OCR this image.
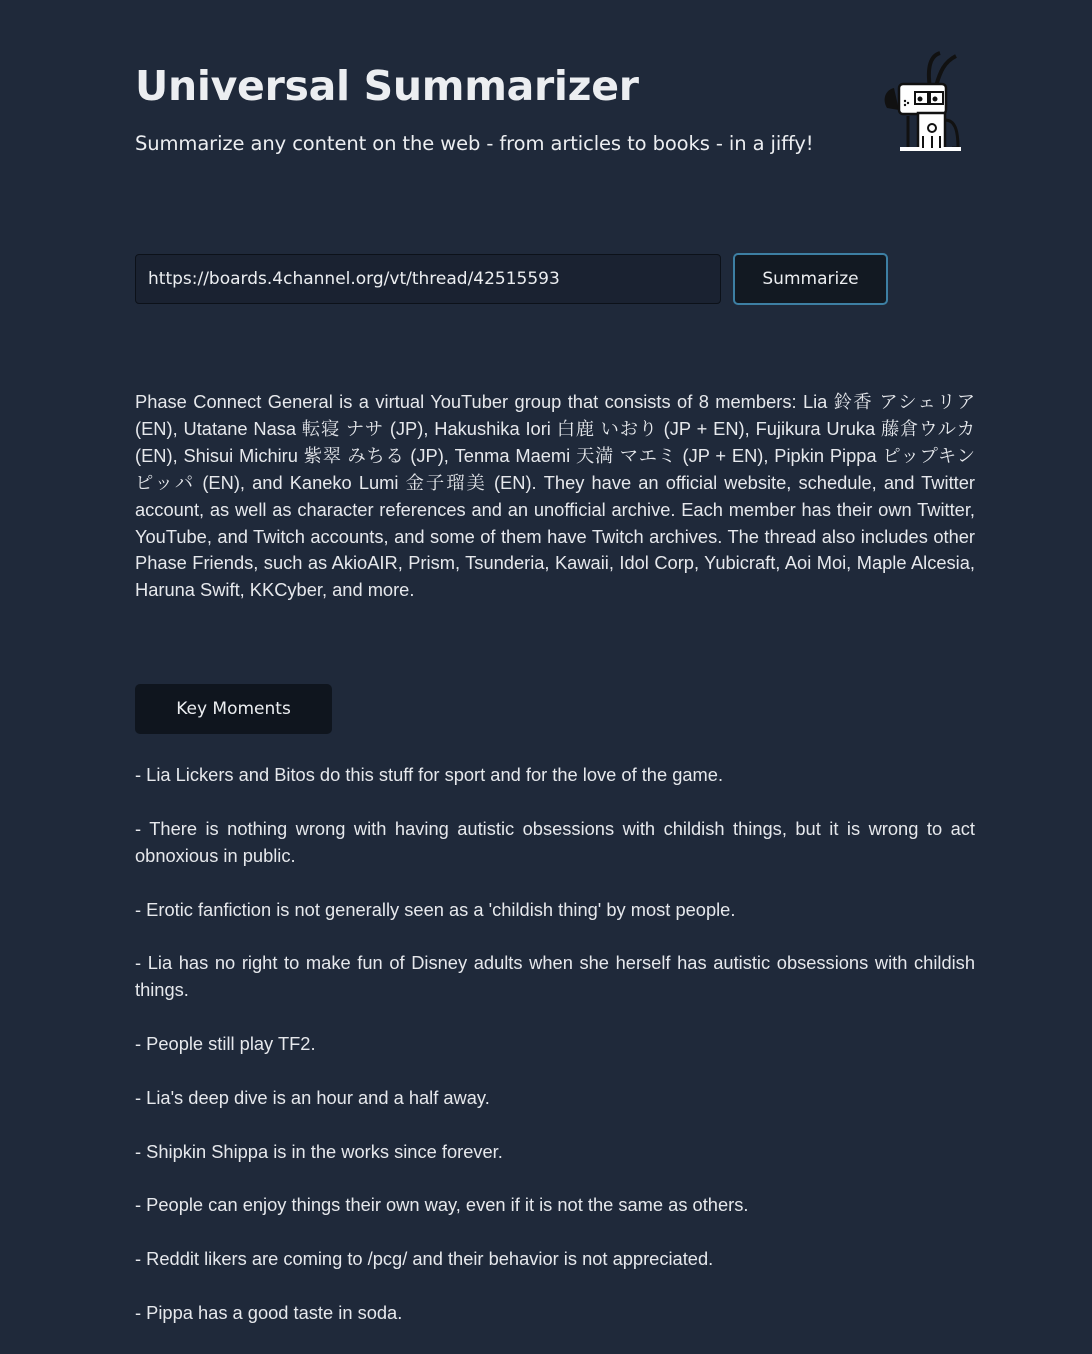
Universal Summarizer

Summarize any content on the web - from articles to books - in a jiffy!

https://boards.4channel.org/vt/thread/42515593
Summarize

Phase Connect General is a virtual YouTuber group that consists of 8 members: Lia 鈴香 アシェリア (EN), Utatane Nasa 転寝 ナサ (JP), Hakushika Iori 白鹿 いおり (JP + EN), Fujikura Uruka 藤倉ウルカ (EN), Shisui Michiru 紫翠 みちる (JP), Tenma Maemi 天満 マエミ (JP + EN), Pipkin Pippa ピップキン ピッパ (EN), and Kaneko Lumi 金子瑠美 (EN). They have an official website, schedule, and Twitter account, as well as character references and an unofficial archive. Each member has their own Twitter, YouTube, and Twitch accounts, and some of them have Twitch archives. The thread also includes other Phase Friends, such as AkioAIR, Prism, Tsunderia, Kawaii, Idol Corp, Yubicraft, Aoi Moi, Maple Alcesia, Haruna Swift, KKCyber, and more.

Key Moments
- Lia Lickers and Bitos do this stuff for sport and for the love of the game.
- There is nothing wrong with having autistic obsessions with childish things, but it is wrong to act obnoxious in public.
- Erotic fanfiction is not generally seen as a 'childish thing' by most people.
- Lia has no right to make fun of Disney adults when she herself has autistic obsessions with childish things.
- People still play TF2.
- Lia's deep dive is an hour and a half away.
- Shipkin Shippa is in the works since forever.
- People can enjoy things their own way, even if it is not the same as others.
- Reddit likers are coming to /pcg/ and their behavior is not appreciated.
- Pippa has a good taste in soda.
